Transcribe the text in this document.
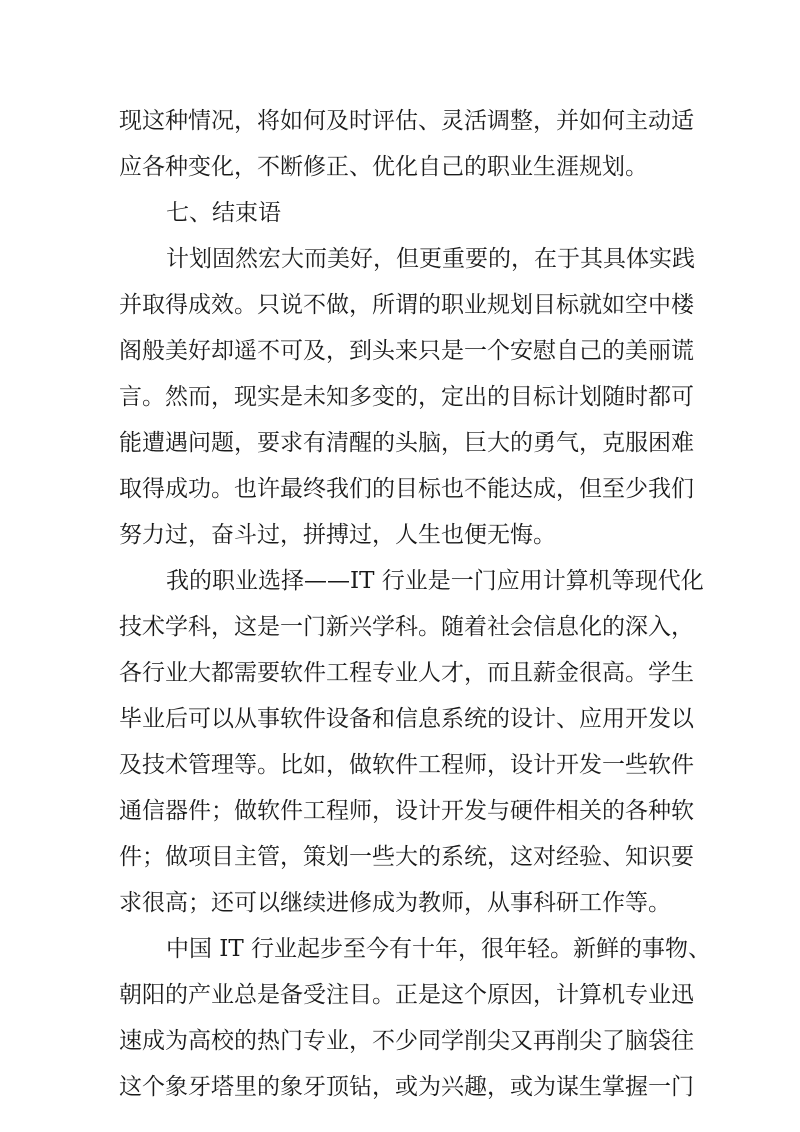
现这种情况，将如何及时评估、灵活调整，并如何主动适
应各种变化，不断修正、优化自己的职业生涯规划。
七、结束语
计划固然宏大而美好，但更重要的，在于其具体实践
并取得成效。只说不做，所谓的职业规划目标就如空中楼
阁般美好却遥不可及，到头来只是一个安慰自己的美丽谎
言。然而，现实是未知多变的，定出的目标计划随时都可
能遭遇问题，要求有清醒的头脑，巨大的勇气，克服困难
取得成功。也许最终我们的目标也不能达成，但至少我们
努力过，奋斗过，拼搏过，人生也便无悔。
我的职业选择——IT 行业是一门应用计算机等现代化
技术学科，这是一门新兴学科。随着社会信息化的深入，
各行业大都需要软件工程专业人才，而且薪金很高。学生
毕业后可以从事软件设备和信息系统的设计、应用开发以
及技术管理等。比如，做软件工程师，设计开发一些软件
通信器件；做软件工程师，设计开发与硬件相关的各种软
件；做项目主管，策划一些大的系统，这对经验、知识要
求很高；还可以继续进修成为教师，从事科研工作等。
中国 IT 行业起步至今有十年，很年轻。新鲜的事物、
朝阳的产业总是备受注目。正是这个原因，计算机专业迅
速成为高校的热门专业，不少同学削尖又再削尖了脑袋往
这个象牙塔里的象牙顶钻，或为兴趣，或为谋生掌握一门
